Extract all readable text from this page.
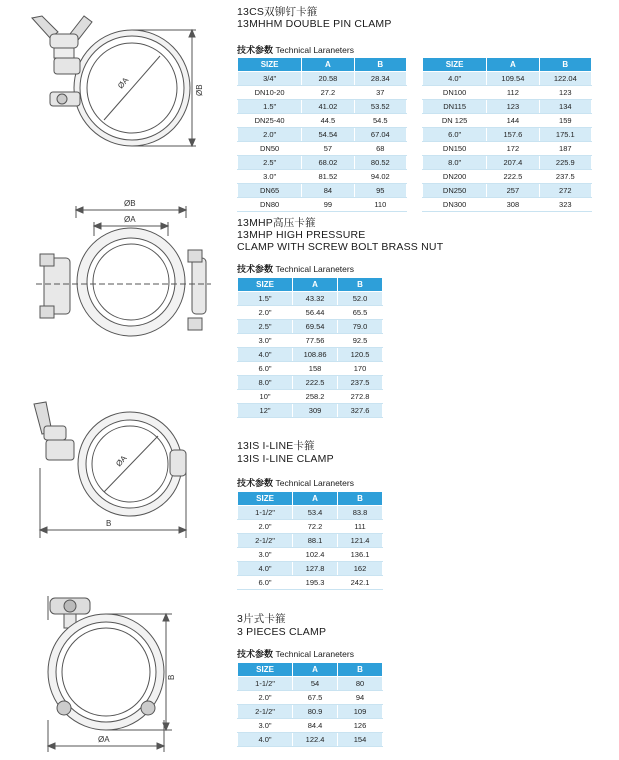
ØA	ØB
13CS双铆钉卡箍
13MHHM DOUBLE PIN CLAMP
技术参数 Technical Laraneters
SIZE	A	B
3/4"	20.58	28.34
DN10-20	27.2	37
1.5"	41.02	53.52
DN25-40	44.5	54.5
2.0"	54.54	67.04
DN50	57	68
2.5"	68.02	80.52
3.0"	81.52	94.02
DN65	84	95
DN80	99	110
SIZE	A	B
4.0"	109.54	122.04
DN100	112	123
DN115	123	134
DN 125	144	159
6.0"	157.6	175.1
DN150	172	187
8.0"	207.4	225.9
DN200	222.5	237.5
DN250	257	272
DN300	308	323
ØB
ØA	13MHP高压卡箍
13MHP HIGH PRESSURE
CLAMP WITH SCREW BOLT BRASS NUT
技术参数 Technical Laraneters
SIZE	A	B
1.5"	43.32	52.0
2.0"	56.44	65.5
2.5"	69.54	79.0
3.0"	77.56	92.5
4.0"	108.86	120.5
6.0"	158	170
8.0"	222.5	237.5
10"	258.2	272.8
12"	309	327.6
ØA
B
13IS I-LINE卡箍
13IS I-LINE CLAMP
技术参数 Technical Laraneters
SIZE	A	B
1-1/2"	53.4	83.8
2.0"	72.2	111
2-1/2"	88.1	121.4
3.0"	102.4	136.1
4.0"	127.8	162
6.0"	195.3	242.1
B
ØA
3片式卡箍
3 PIECES CLAMP
技术参数 Technical Laraneters
SIZE	A	B
1-1/2"	54	80
2.0"	67.5	94
2-1/2"	80.9	109
3.0"	84.4	126
4.0"	122.4	154
